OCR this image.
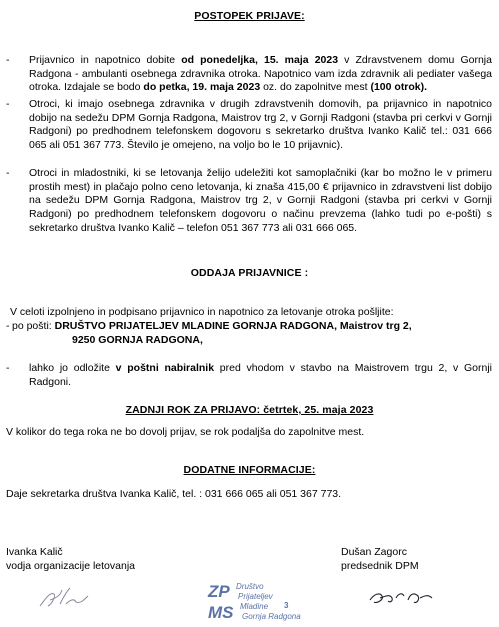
POSTOPEK PRIJAVE:
- Prijavnico in napotnico dobite od ponedeljka, 15. maja 2023 v Zdravstvenem domu Gornja Radgona - ambulanti osebnega zdravnika otroka. Napotnico vam izda zdravnik ali pediater vašega otroka. Izdajale se bodo do petka, 19. maja 2023 oz. do zapolnitve mest (100 otrok).
- Otroci, ki imajo osebnega zdravnika v drugih zdravstvenih domovih, pa prijavnico in napotnico dobijo na sedežu DPM Gornja Radgona, Maistrov trg 2, v Gornji Radgoni (stavba pri cerkvi v Gornji Radgoni) po predhodnem telefonskem dogovoru s sekretarko društva Ivanko Kalič tel.: 031 666 065 ali 051 367 773. Število je omejeno, na voljo bo le 10 prijavnic).
- Otroci in mladostniki, ki se letovanja želijo udeležiti kot samoplačniki (kar bo možno le v primeru prostih mest) in plačajo polno ceno letovanja, ki znaša 415,00 € prijavnico in zdravstveni list dobijo na sedežu DPM Gornja Radgona, Maistrov trg 2, v Gornji Radgoni (stavba pri cerkvi v Gornji Radgoni) po predhodnem telefonskem dogovoru o načinu prevzema (lahko tudi po e-pošti) s sekretarko društva Ivanko Kalič – telefon 051 367 773 ali 031 666 065.
ODDAJA PRIJAVNICE :
V celoti izpolnjeno in podpisano prijavnico in napotnico za letovanje otroka pošljite:
- po pošti: DRUŠTVO PRIJATELJEV MLADINE GORNJA RADGONA, Maistrov trg 2,
9250 GORNJA RADGONA,
- lahko jo odložite v poštni nabiralnik pred vhodom v stavbo na Maistrovem trgu 2, v Gornji Radgoni.
ZADNJI ROK ZA PRIJAVO: četrtek, 25. maja 2023
V kolikor do tega roka ne bo dovolj prijav, se rok podaljša do zapolnitve mest.
DODATNE INFORMACIJE:
Daje sekretarka društva Ivanka Kalič, tel. : 031 666 065 ali 051 367 773.
Ivanka Kalič
vodja organizacije letovanja
Dušan Zagorc
predsednik DPM
ZP
MS
Društvo
Prijateljev
Mladine
Gornja Radgona
3
